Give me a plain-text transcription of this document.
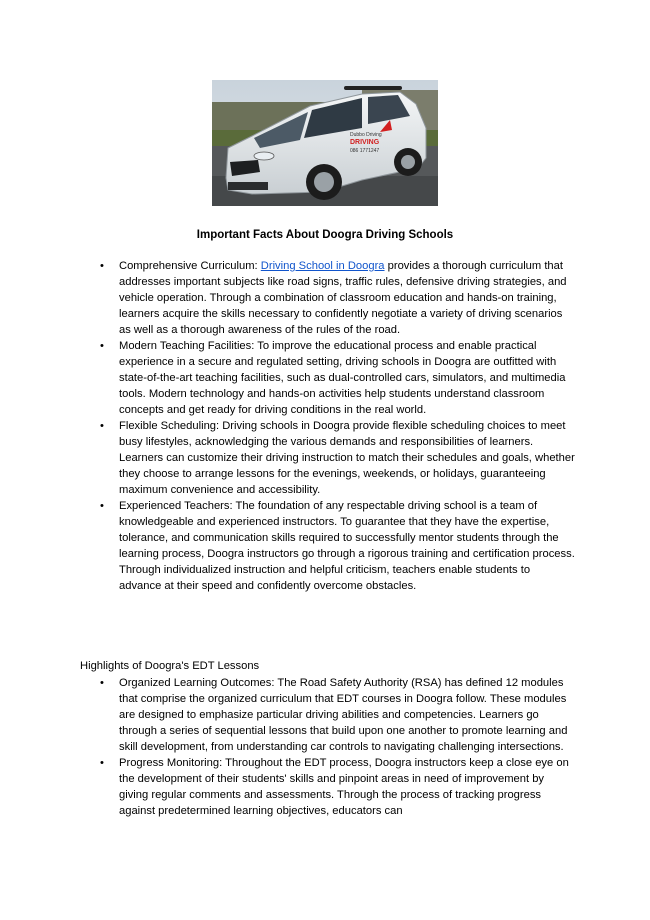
Dubbo Driving
DRIVING
086 1771247
Important Facts About Doogra Driving Schools
• Comprehensive Curriculum: Driving School in Doogra provides a thorough curriculum that addresses important subjects like road signs, traffic rules, defensive driving strategies, and vehicle operation. Through a combination of classroom education and hands-on training, learners acquire the skills necessary to confidently negotiate a variety of driving scenarios as well as a thorough awareness of the rules of the road.
• Modern Teaching Facilities: To improve the educational process and enable practical experience in a secure and regulated setting, driving schools in Doogra are outfitted with state-of-the-art teaching facilities, such as dual-controlled cars, simulators, and multimedia tools. Modern technology and hands-on activities help students understand classroom concepts and get ready for driving conditions in the real world.
• Flexible Scheduling: Driving schools in Doogra provide flexible scheduling choices to meet busy lifestyles, acknowledging the various demands and responsibilities of learners. Learners can customize their driving instruction to match their schedules and goals, whether they choose to arrange lessons for the evenings, weekends, or holidays, guaranteeing maximum convenience and accessibility.
• Experienced Teachers: The foundation of any respectable driving school is a team of knowledgeable and experienced instructors. To guarantee that they have the expertise, tolerance, and communication skills required to successfully mentor students through the learning process, Doogra instructors go through a rigorous training and certification process. Through individualized instruction and helpful criticism, teachers enable students to advance at their speed and confidently overcome obstacles.
Highlights of Doogra's EDT Lessons
• Organized Learning Outcomes: The Road Safety Authority (RSA) has defined 12 modules that comprise the organized curriculum that EDT courses in Doogra follow. These modules are designed to emphasize particular driving abilities and competencies. Learners go through a series of sequential lessons that build upon one another to promote learning and skill development, from understanding car controls to navigating challenging intersections.
• Progress Monitoring: Throughout the EDT process, Doogra instructors keep a close eye on the development of their students' skills and pinpoint areas in need of improvement by giving regular comments and assessments. Through the process of tracking progress against predetermined learning objectives, educators can
